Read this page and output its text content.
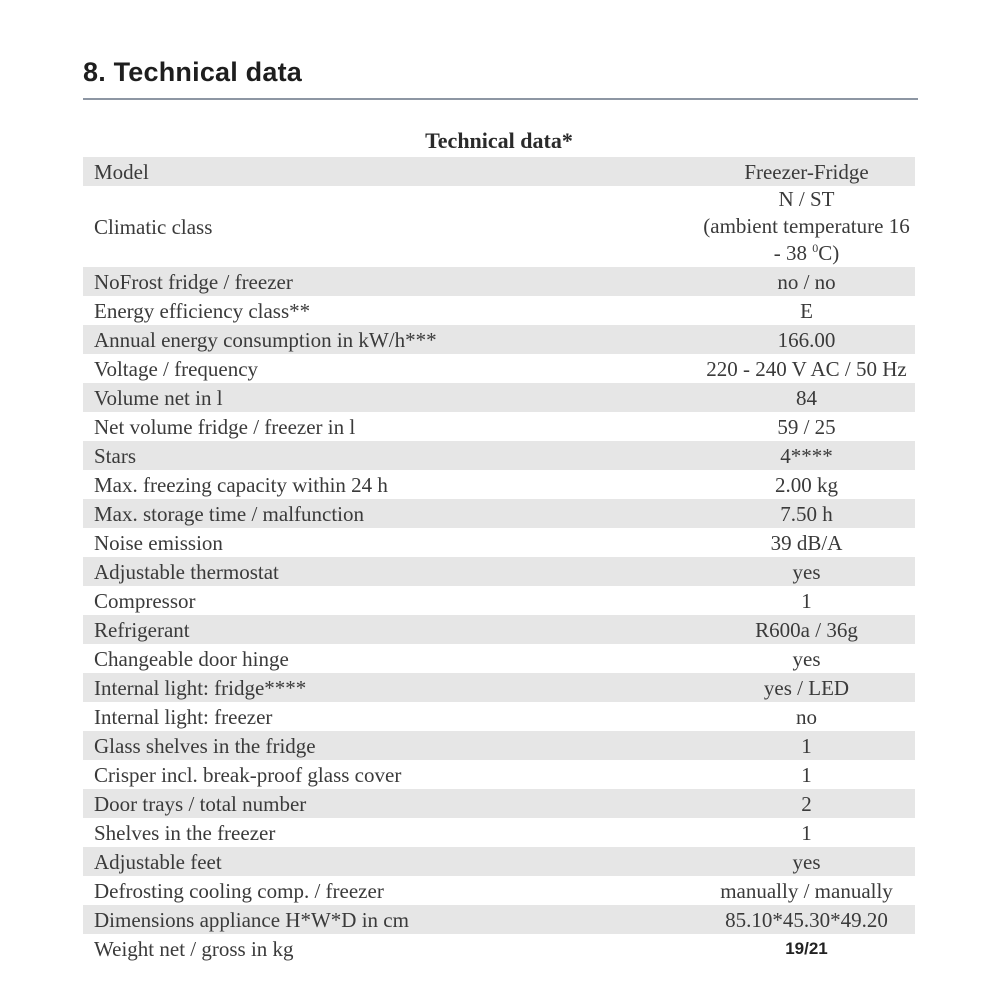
8. Technical data
Technical data*
Model	Freezer-Fridge
Climatic class	N / ST
(ambient temperature 16 - 38 $^0$C)

NoFrost fridge / freezer	no / no
Energy efficiency class**	E
Annual energy consumption in kW/h***	166.00
Voltage / frequency	220 - 240 V AC / 50 Hz
Volume net in l	84
Net volume fridge / freezer in l	59 / 25
Stars	4****
Max. freezing capacity within 24 h	2.00 kg
Max. storage time / malfunction	7.50 h
Noise emission	39 dB/A
Adjustable thermostat	yes
Compressor	1
Refrigerant	R600a / 36g
Changeable door hinge	yes
Internal light: fridge****	yes / LED
Internal light: freezer	no
Glass shelves in the fridge	1
Crisper incl. break-proof glass cover	1
Door trays / total number	2
Shelves in the freezer	1
Adjustable feet	yes
Defrosting cooling comp. / freezer	manually / manually
Dimensions appliance H*W*D in cm	85.10*45.30*49.20
Weight net / gross in kg	19/21
